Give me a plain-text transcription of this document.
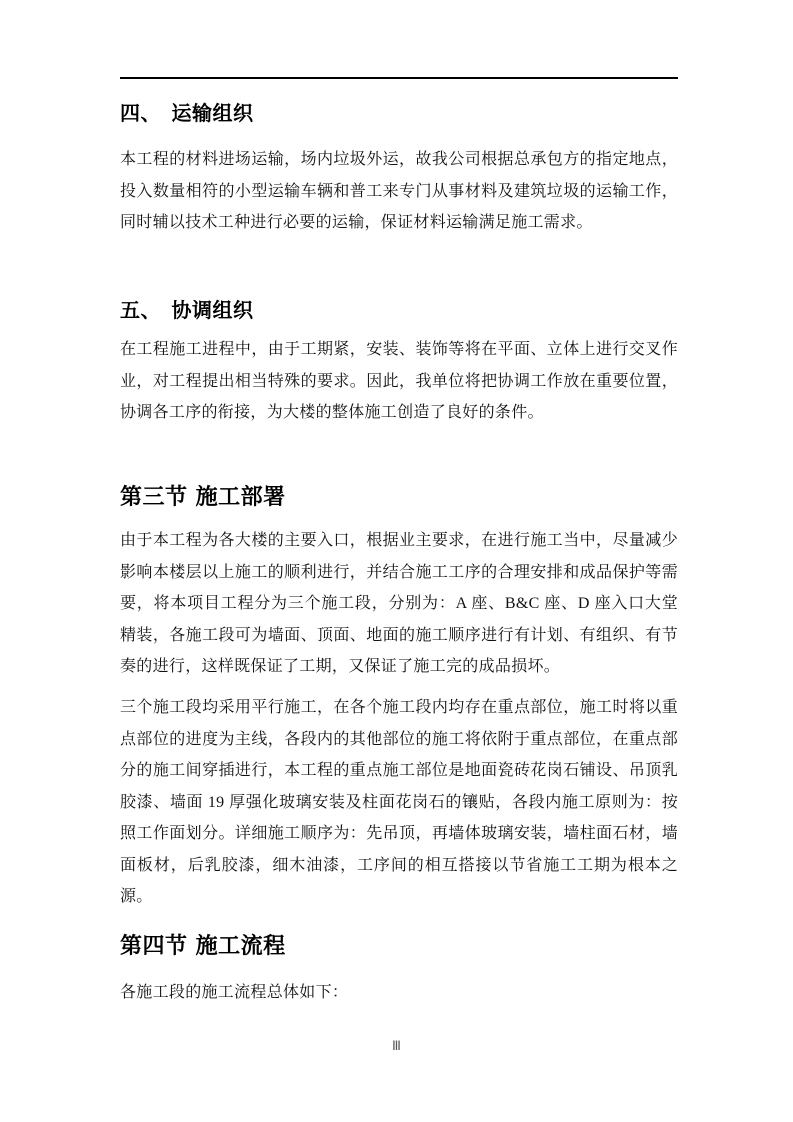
四、　运输组织

本工程的材料进场运输，场内垃圾外运，故我公司根据总承包方的指定地点，投入数量相符的小型运输车辆和普工来专门从事材料及建筑垃圾的运输工作，同时辅以技术工种进行必要的运输，保证材料运输满足施工需求。

五、　协调组织

在工程施工进程中，由于工期紧，安装、装饰等将在平面、立体上进行交叉作业，对工程提出相当特殊的要求。因此，我单位将把协调工作放在重要位置，协调各工序的衔接，为大楼的整体施工创造了良好的条件。

第三节 施工部署

由于本工程为各大楼的主要入口，根据业主要求，在进行施工当中，尽量减少影响本楼层以上施工的顺利进行，并结合施工工序的合理安排和成品保护等需要，将本项目工程分为三个施工段，分别为：A 座、B&C 座、D 座入口大堂精装，各施工段可为墙面、顶面、地面的施工顺序进行有计划、有组织、有节奏的进行，这样既保证了工期，又保证了施工完的成品损坏。

三个施工段均采用平行施工，在各个施工段内均存在重点部位，施工时将以重点部位的进度为主线，各段内的其他部位的施工将依附于重点部位，在重点部分的施工间穿插进行，本工程的重点施工部位是地面瓷砖花岗石铺设、吊顶乳胶漆、墙面 19 厚强化玻璃安装及柱面花岗石的镶贴，各段内施工原则为：按照工作面划分。详细施工顺序为：先吊顶，再墙体玻璃安装，墙柱面石材，墙面板材，后乳胶漆，细木油漆，工序间的相互搭接以节省施工工期为根本之源。

第四节 施工流程

各施工段的施工流程总体如下：

Ⅲ
